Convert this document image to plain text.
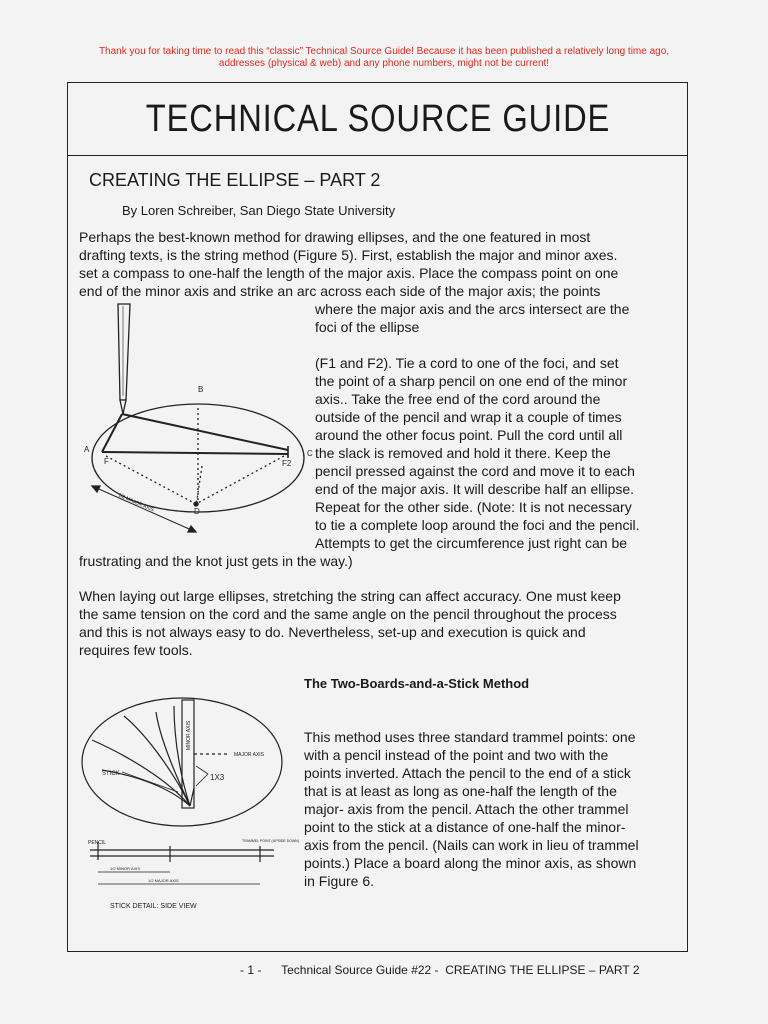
Thank you for taking time to read this “classic” Technical Source Guide! Because it has been published a relatively long time ago,
addresses (physical & web) and any phone numbers, might not be current!
TECHNICAL SOURCE GUIDE
CREATING THE ELLIPSE – PART 2
By Loren Schreiber, San Diego State University
Perhaps the best-known method for drawing ellipses, and the one featured in most
drafting texts, is the string method (Figure 5). First, establish the major and minor axes.
set a compass to one-half the length of the major axis. Place the compass point on one
end of the minor axis and strike an arc across each side of the major axis; the points
where the major axis and the arcs intersect are the
foci of the ellipse
(F1 and F2). Tie a cord to one of the foci, and set
the point of a sharp pencil on one end of the minor
axis.. Take the free end of the cord around the
outside of the pencil and wrap it a couple of times
around the other focus point. Pull the cord until all
the slack is removed and hold it there. Keep the
pencil pressed against the cord and move it to each
end of the major axis. It will describe half an ellipse.
Repeat for the other side. (Note: It is not necessary
to tie a complete loop around the foci and the pencil.
Attempts to get the circumference just right can be
frustrating and the knot just gets in the way.)
When laying out large ellipses, stretching the string can affect accuracy. One must keep
the same tension on the cord and the same angle on the pencil throughout the process
and this is not always easy to do. Nevertheless, set-up and execution is quick and
requires few tools.
The Two-Boards-and-a-Stick Method
This method uses three standard trammel points: one
with a pencil instead of the point and two with the
points inverted. Attach the pencil to the end of a stick
that is at least as long as one-half the length of the
major- axis from the pencil. Attach the other trammel
point to the stick at a distance of one-half the minor-
axis from the pencil. (Nails can work in lieu of trammel
points.) Place a board along the minor axis, as shown
in Figure 6.
B
A	C
D
F	F2
1/2 MAJOR AXIS
MINOR AXIS
MAJOR AXIS
STICK	1X3
PENCIL	TRAMMEL POINT (UPSIDE DOWN)
1/2 MINOR AXIS
1/2 MAJOR AXIS
STICK DETAIL: SIDE VIEW
- 1 -      Technical Source Guide #22 -  CREATING THE ELLIPSE – PART 2
